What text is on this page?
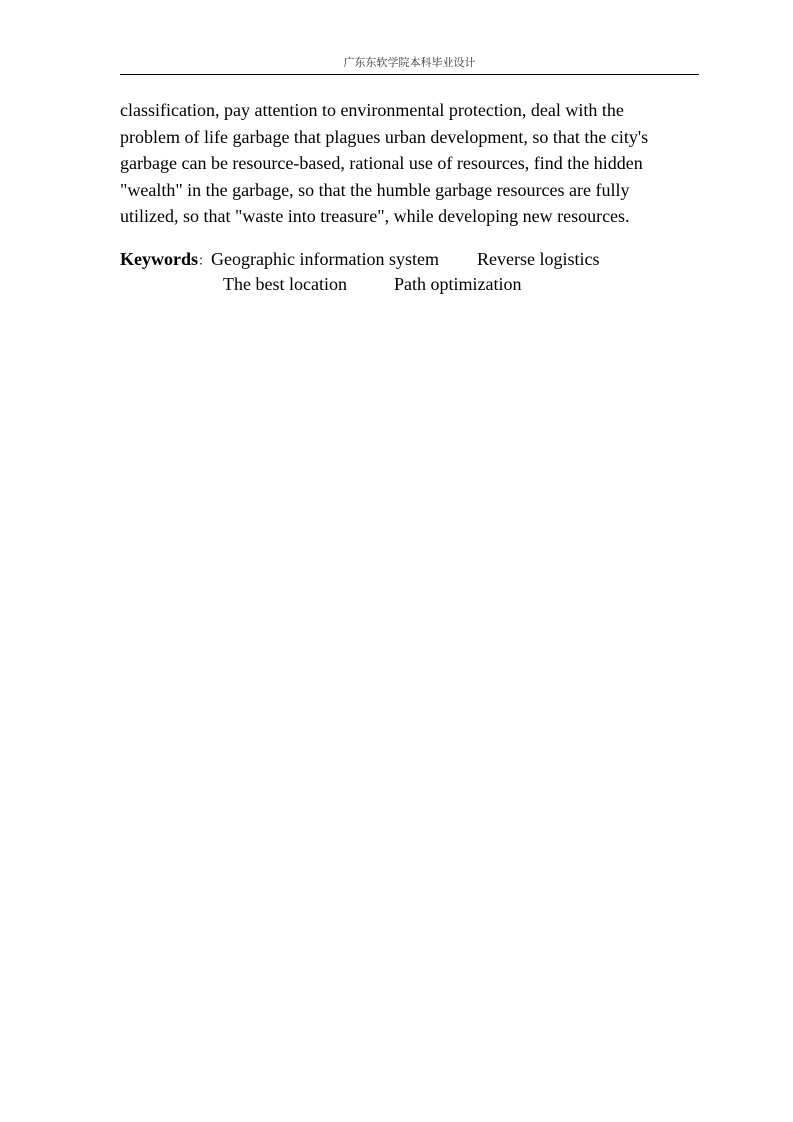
广东东软学院本科毕业设计
classification, pay attention to environmental protection, deal with the
problem of life garbage that plagues urban development, so that the city's
garbage can be resource-based, rational use of resources, find the hidden
"wealth" in the garbage, so that the humble garbage resources are fully
utilized, so that "waste into treasure", while developing new resources.
Keywords：Geographic information system Reverse logistics
The best location	Path optimization
